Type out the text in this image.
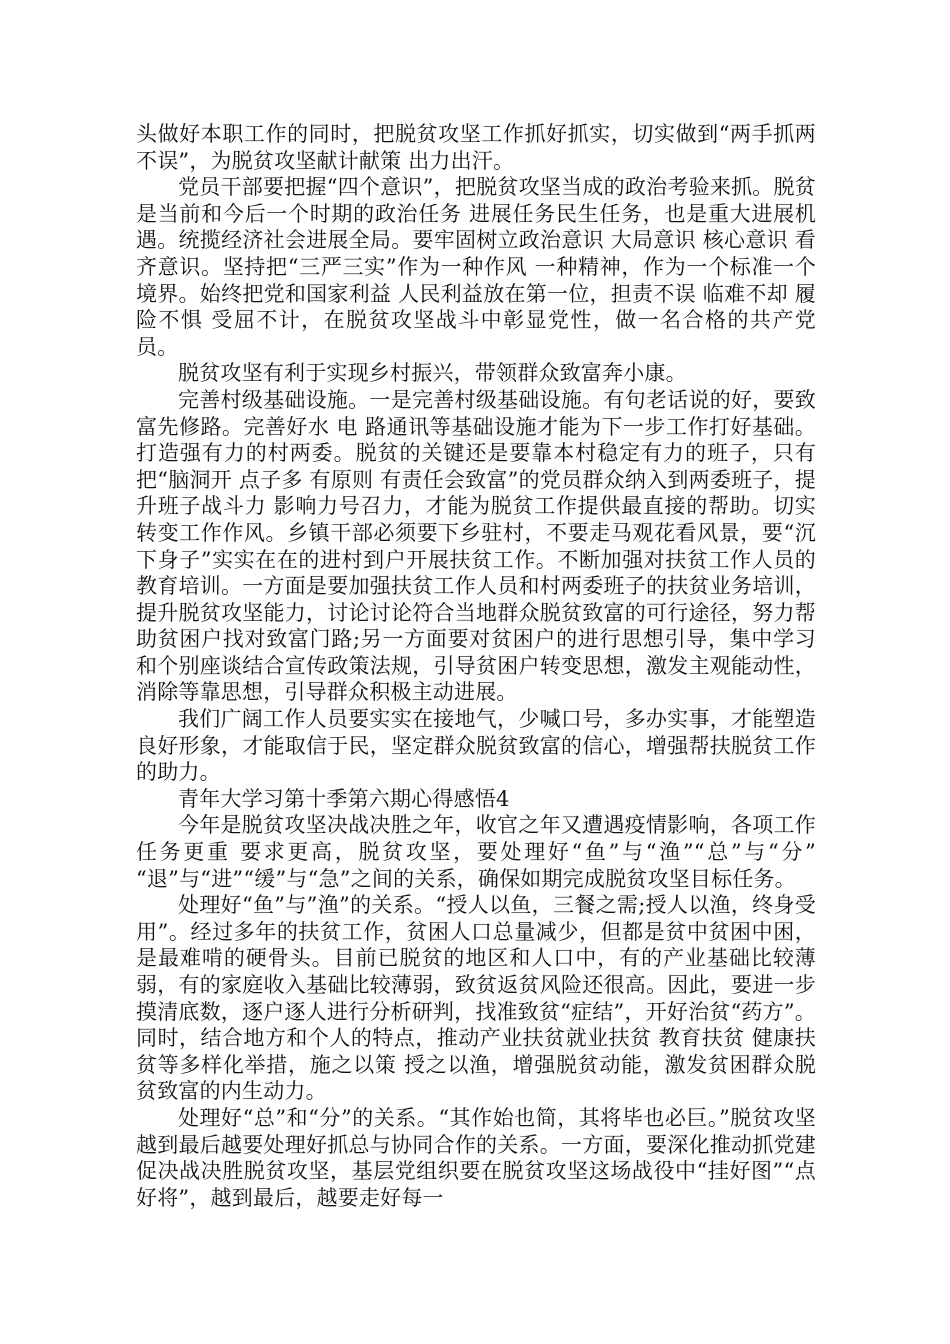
头做好本职工作的同时，把脱贫攻坚工作抓好抓实，切实做到“两手抓两不误”，为脱贫攻坚献计献策 出力出汗。

党员干部要把握“四个意识”，把脱贫攻坚当成的政治考验来抓。脱贫是当前和今后一个时期的政治任务 进展任务民生任务，也是重大进展机遇。统揽经济社会进展全局。要牢固树立政治意识 大局意识 核心意识 看齐意识。坚持把“三严三实”作为一种作风 一种精神，作为一个标准一个境界。始终把党和国家利益 人民利益放在第一位，担责不误 临难不却 履险不惧 受屈不计，在脱贫攻坚战斗中彰显党性，做一名合格的共产党员。

脱贫攻坚有利于实现乡村振兴，带领群众致富奔小康。

完善村级基础设施。一是完善村级基础设施。有句老话说的好，要致富先修路。完善好水 电 路通讯等基础设施才能为下一步工作打好基础。打造强有力的村两委。脱贫的关键还是要靠本村稳定有力的班子，只有把“脑洞开 点子多 有原则 有责任会致富”的党员群众纳入到两委班子，提升班子战斗力 影响力号召力，才能为脱贫工作提供最直接的帮助。切实转变工作作风。乡镇干部必须要下乡驻村，不要走马观花看风景，要“沉下身子”实实在在的进村到户开展扶贫工作。不断加强对扶贫工作人员的教育培训。一方面是要加强扶贫工作人员和村两委班子的扶贫业务培训，提升脱贫攻坚能力，讨论讨论符合当地群众脱贫致富的可行途径，努力帮助贫困户找对致富门路;另一方面要对贫困户的进行思想引导，集中学习和个别座谈结合宣传政策法规，引导贫困户转变思想，激发主观能动性，消除等靠思想，引导群众积极主动进展。

我们广阔工作人员要实实在接地气，少喊口号，多办实事，才能塑造良好形象，才能取信于民，坚定群众脱贫致富的信心，增强帮扶脱贫工作的助力。

青年大学习第十季第六期心得感悟4

今年是脱贫攻坚决战决胜之年，收官之年又遭遇疫情影响，各项工作任务更重 要求更高，脱贫攻坚，要处理好“鱼”与“渔”“总”与“分” “退”与“进”“缓”与“急”之间的关系，确保如期完成脱贫攻坚目标任务。

处理好“鱼”与”渔”的关系。“授人以鱼，三餐之需;授人以渔，终身受用”。经过多年的扶贫工作，贫困人口总量减少，但都是贫中贫困中困，是最难啃的硬骨头。目前已脱贫的地区和人口中，有的产业基础比较薄弱，有的家庭收入基础比较薄弱，致贫返贫风险还很高。因此，要进一步摸清底数，逐户逐人进行分析研判，找准致贫“症结”，开好治贫“药方”。同时，结合地方和个人的特点，推动产业扶贫就业扶贫 教育扶贫 健康扶贫等多样化举措，施之以策 授之以渔，增强脱贫动能，激发贫困群众脱贫致富的内生动力。

处理好“总”和“分”的关系。“其作始也简，其将毕也必巨。”脱贫攻坚越到最后越要处理好抓总与协同合作的关系。一方面，要深化推动抓党建促决战决胜脱贫攻坚，基层党组织要在脱贫攻坚这场战役中“挂好图”“点好将”，越到最后，越要走好每一
